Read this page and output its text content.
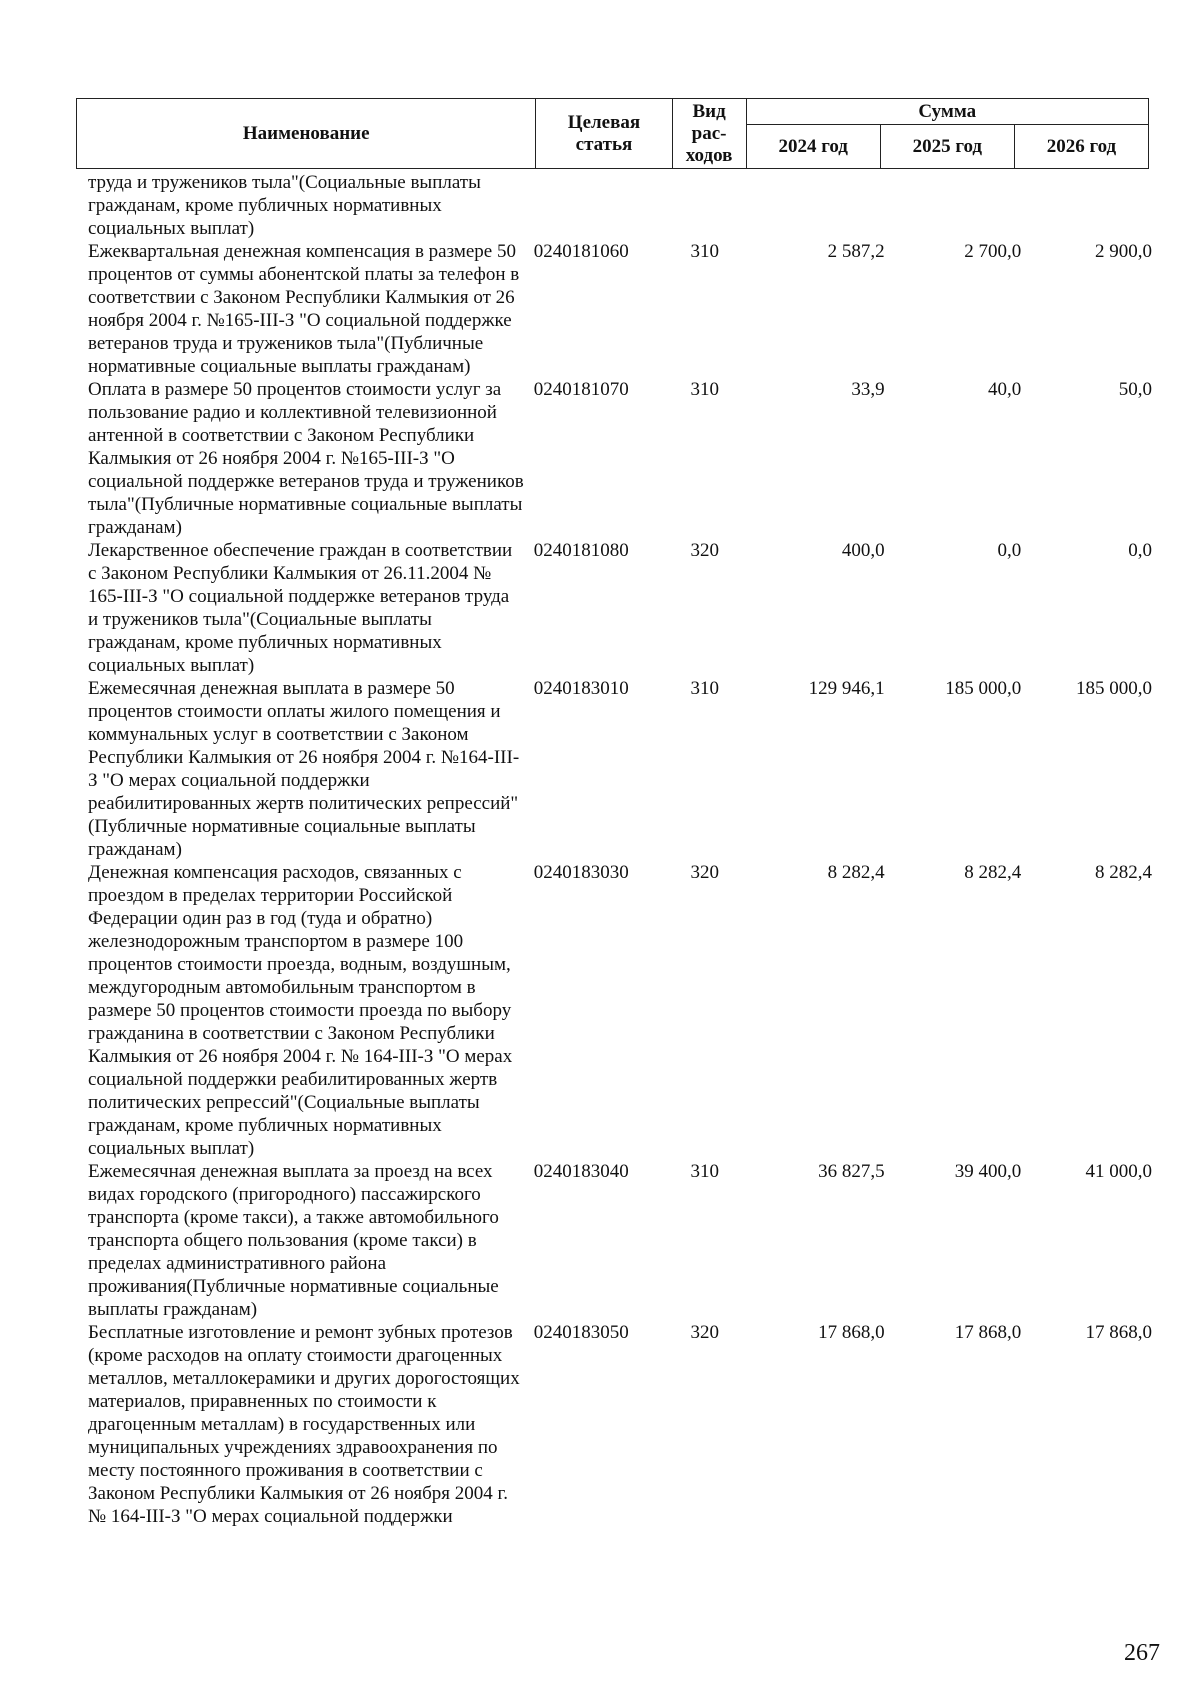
Наименование	Целевая статья	Вид рас-ходов	Сумма		
			2024 год	2025 год	2026 год
труда и тружеников тыла"(Социальные выплаты гражданам, кроме публичных нормативных социальных выплат)
Ежеквартальная денежная компенсация в размере 50 процентов от суммы абонентской платы за телефон в соответствии с Законом Республики Калмыкия от 26 ноября 2004 г. №165-III-З "О социальной поддержке ветеранов труда и тружеников тыла"(Публичные нормативные социальные выплаты гражданам)
0240181060	310	2 587,2	2 700,0	2 900,0
Оплата в размере 50 процентов стоимости услуг за пользование радио и коллективной телевизионной антенной в соответствии с Законом Республики Калмыкия от 26 ноября 2004 г. №165-III-З "О социальной поддержке ветеранов труда и тружеников тыла"(Публичные нормативные социальные выплаты гражданам)
0240181070	310	33,9	40,0	50,0
Лекарственное обеспечение граждан в соответствии с Законом Республики Калмыкия от 26.11.2004 № 165-III-З "О социальной поддержке ветеранов труда и тружеников тыла"(Социальные выплаты гражданам, кроме публичных нормативных социальных выплат)
0240181080	320	400,0	0,0	0,0
Ежемесячная денежная выплата в размере 50 процентов стоимости оплаты жилого помещения и коммунальных услуг в соответствии с Законом Республики Калмыкия от 26 ноября 2004 г. №164-III-З "О мерах социальной поддержки реабилитированных жертв политических репрессий"(Публичные нормативные социальные выплаты гражданам)
0240183010	310	129 946,1	185 000,0	185 000,0
Денежная компенсация расходов, связанных с проездом в пределах территории Российской Федерации один раз в год (туда и обратно) железнодорожным транспортом в размере 100 процентов стоимости проезда, водным, воздушным, междугородным автомобильным транспортом в размере 50 процентов стоимости проезда по выбору гражданина в соответствии с Законом Республики Калмыкия от 26 ноября 2004 г. № 164-III-З "О мерах социальной поддержки реабилитированных жертв политических репрессий"(Социальные выплаты гражданам, кроме публичных нормативных социальных выплат)
0240183030	320	8 282,4	8 282,4	8 282,4
Ежемесячная денежная выплата за проезд на всех видах городского (пригородного) пассажирского транспорта (кроме такси), а также автомобильного транспорта общего пользования (кроме такси) в пределах административного района проживания(Публичные нормативные социальные выплаты гражданам)
0240183040	310	36 827,5	39 400,0	41 000,0
Бесплатные изготовление и ремонт зубных протезов (кроме расходов на оплату стоимости драгоценных металлов, металлокерамики и других дорогостоящих материалов, приравненных по стоимости к драгоценным металлам) в государственных или муниципальных учреждениях здравоохранения по месту постоянного проживания в соответствии с Законом Республики Калмыкия от 26 ноября 2004 г. № 164-III-З "О мерах социальной поддержки
0240183050	320	17 868,0	17 868,0	17 868,0
267
